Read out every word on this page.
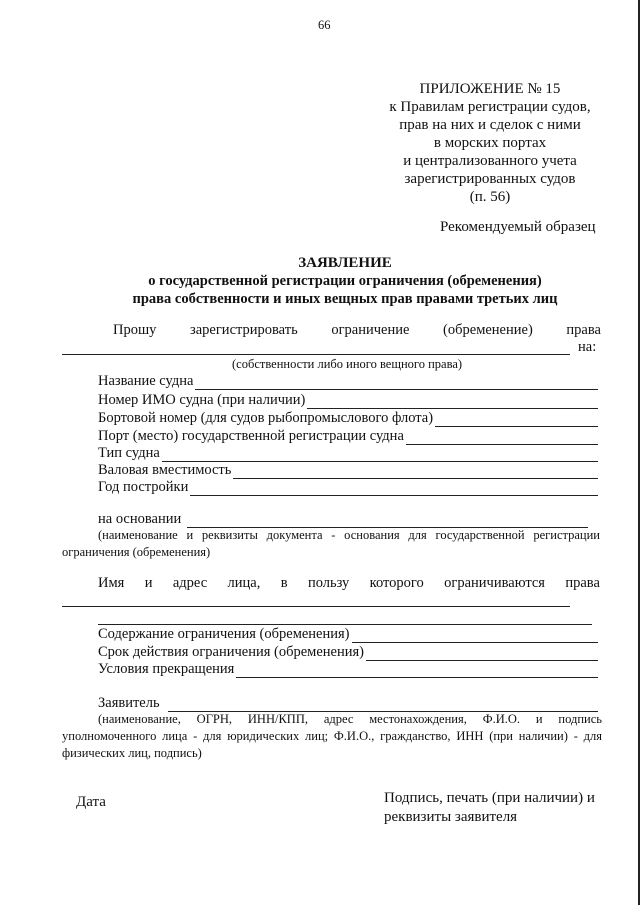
66
ПРИЛОЖЕНИЕ № 15
к Правилам регистрации судов,
прав на них и сделок с ними
в морских портах
и централизованного учета
зарегистрированных судов
(п. 56)
Рекомендуемый образец
ЗАЯВЛЕНИЕ
о государственной регистрации ограничения (обременения)
права собственности и иных вещных прав правами третьих лиц
Прошу зарегистрировать ограничение (обременение) права
на:
(собственности либо иного вещного права)
Название судна
Номер ИМО судна (при наличии)
Бортовой номер (для судов рыбопромыслового флота)
Порт (место) государственной регистрации судна
Тип судна
Валовая вместимость
Год постройки
на основании
(наименование и реквизиты документа - основания для государственной регистрации ограничения (обременения)
Имя и адрес лица, в пользу которого ограничиваются права
Содержание ограничения (обременения)
Срок действия ограничения (обременения)
Условия прекращения
Заявитель
(наименование, ОГРН, ИНН/КПП, адрес местонахождения, Ф.И.О. и подпись уполномоченного лица - для юридических лиц; Ф.И.О., гражданство, ИНН (при наличии) - для физических лиц, подпись)
Дата	Подпись, печать (при наличии) и
реквизиты заявителя
